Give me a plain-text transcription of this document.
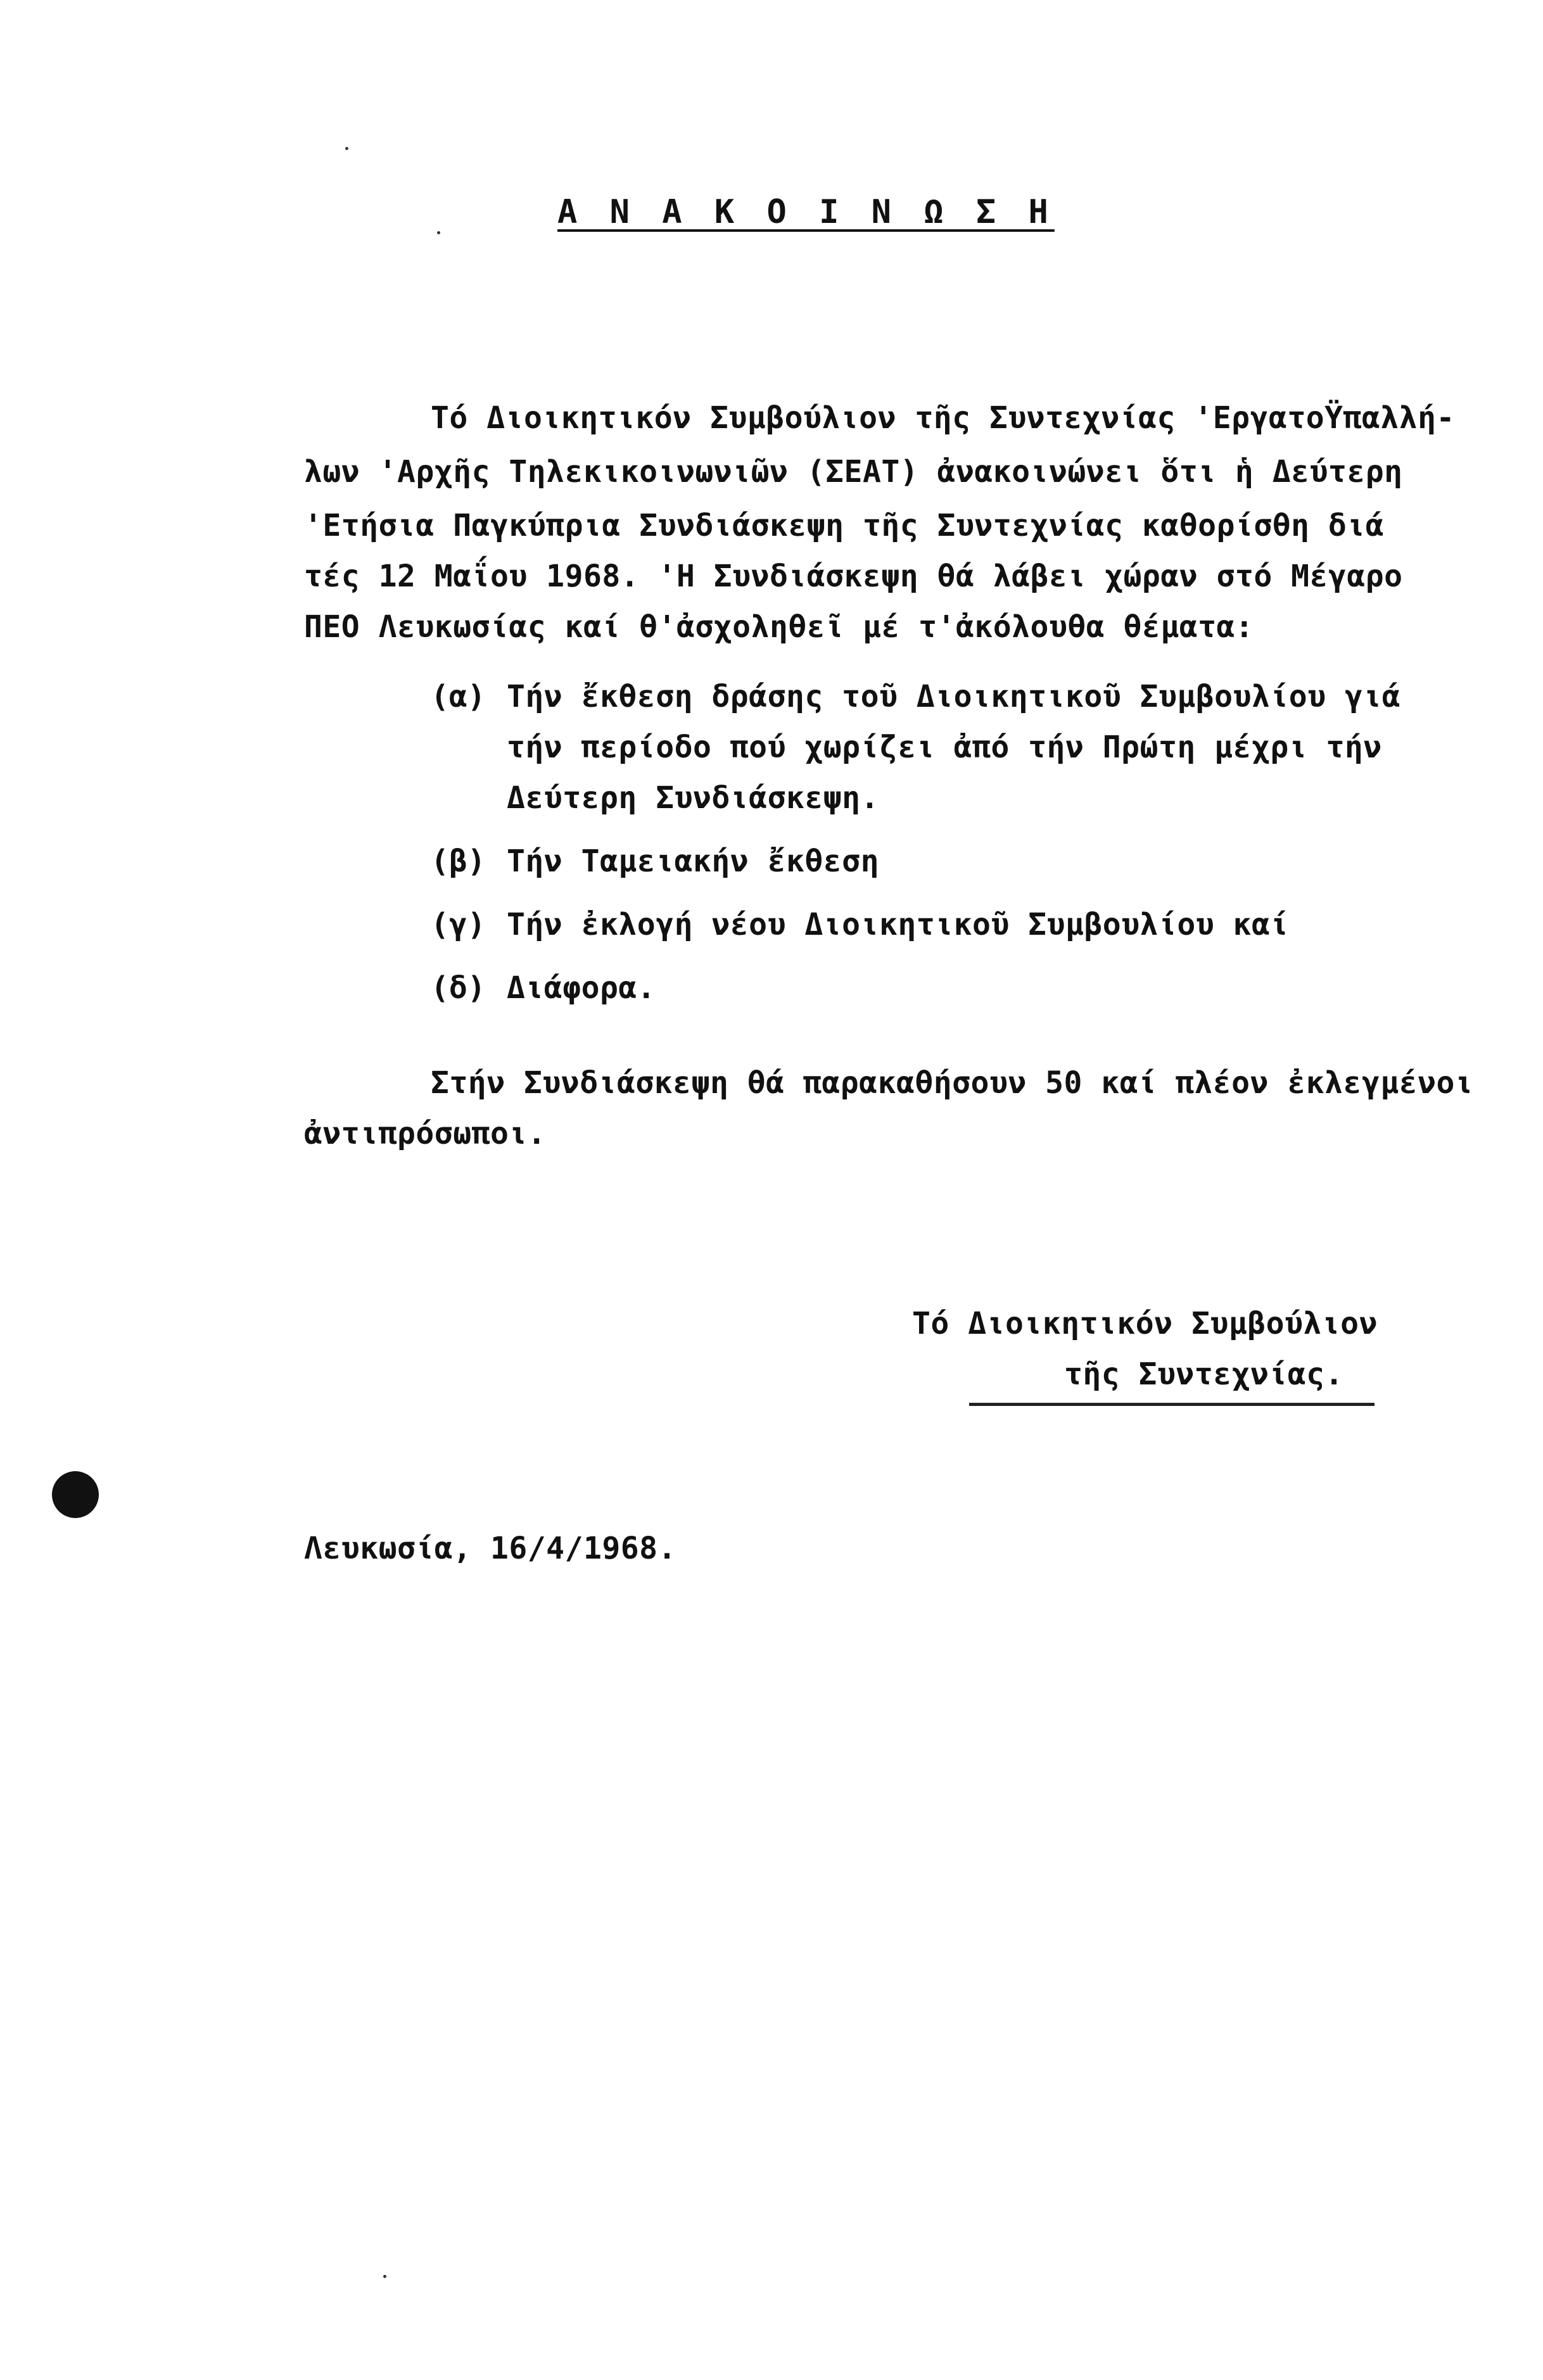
Α Ν Α Κ Ο Ι Ν Ω Σ Η
Τό Διοικητικόν Συμβούλιον τῆς Συντεχνίας 'ΕργατοΫπαλλή-
λων 'Αρχῆς Τηλεκικοινωνιῶν (ΣΕΑΤ) ἀνακοινώνει ὅτι ἡ Δεύτερη
'Ετήσια Παγκύπρια Συνδιάσκεψη τῆς Συντεχνίας καθορίσθη διά
τές 12 Μαΐου 1968. 'Η Συνδιάσκεψη θά λάβει χώραν στό Μέγαρο
ΠΕΟ Λευκωσίας καί θ'ἀσχοληθεῖ μέ τ'ἀκόλουθα θέματα:
(α) Τήν ἔκθεση δράσης τοῦ Διοικητικοῦ Συμβουλίου γιά
τήν περίοδο πού χωρίζει ἀπό τήν Πρώτη μέχρι τήν
Δεύτερη Συνδιάσκεψη.
(β) Τήν Ταμειακήν ἔκθεση
(γ) Τήν ἐκλογή νέου Διοικητικοῦ Συμβουλίου καί
(δ) Διάφορα.
Στήν Συνδιάσκεψη θά παρακαθήσουν 50 καί πλέον ἐκλεγμένοι
ἀντιπρόσωποι.
Τό Διοικητικόν Συμβούλιον
τῆς Συντεχνίας.
Λευκωσία, 16/4/1968.
